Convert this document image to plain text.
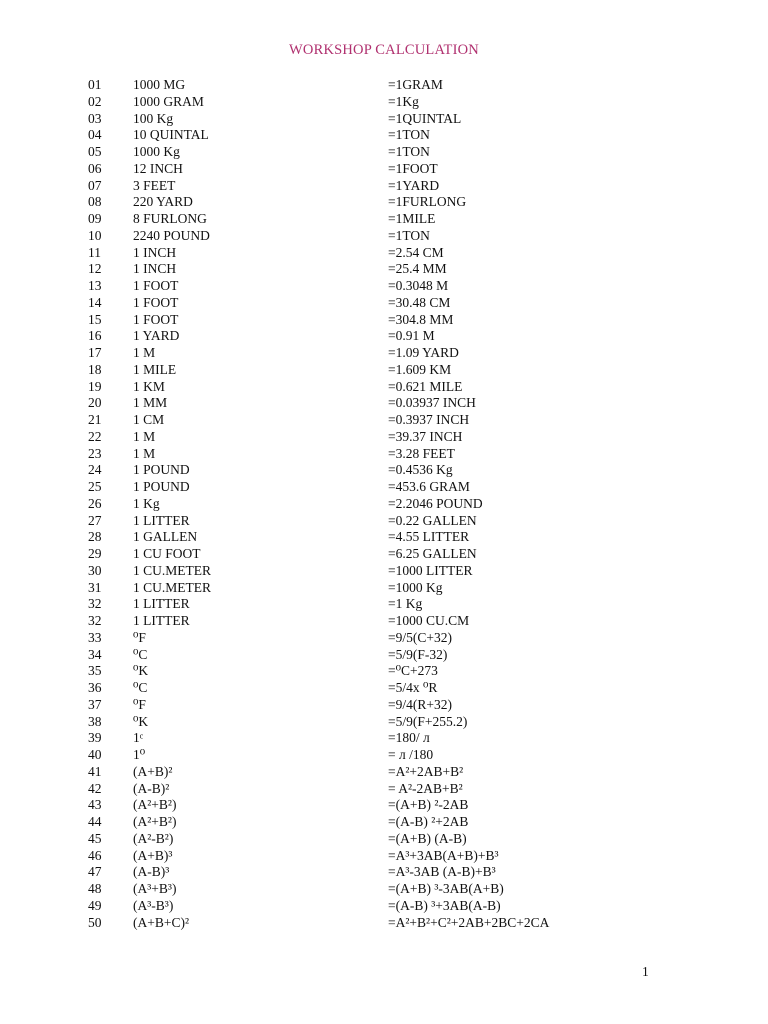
WORKSHOP CALCULATION
01 1000 MG	=1GRAM
02 1000 GRAM	=1Kg
03 100 Kg	=1QUINTAL
04 10 QUINTAL	=1TON
05 1000 Kg	=1TON
06 12 INCH	=1FOOT
07 3 FEET	=1YARD
08 220 YARD	=1FURLONG
09 8 FURLONG	=1MILE
10 2240 POUND	=1TON
11 1 INCH	=2.54 CM
12 1 INCH	=25.4 MM
13 1 FOOT	=0.3048 M
14 1 FOOT	=30.48 CM
15 1 FOOT	=304.8 MM
16 1 YARD	=0.91 M
17 1 M	=1.09 YARD
18 1 MILE	=1.609 KM
19 1 KM	=0.621 MILE
20 1 MM	=0.03937 INCH
21 1 CM	=0.3937 INCH
22 1 M	=39.37 INCH
23 1 M	=3.28 FEET
24 1 POUND	=0.4536 Kg
25 1 POUND	=453.6 GRAM
26 1 Kg	=2.2046 POUND
27 1 LITTER	=0.22 GALLEN
28 1 GALLEN	=4.55 LITTER
29 1 CU FOOT	=6.25 GALLEN
30 1 CU.METER	=1000 LITTER
31 1 CU.METER	=1000 Kg
32 1 LITTER	=1 Kg
32 1 LITTER	=1000 CU.CM
33 ⁰F	=9/5(C+32)
34 ⁰C	=5/9(F-32)
35 ⁰K	=⁰C+273
36 ⁰C	=5/4x ⁰R
37 ⁰F	=9/4(R+32)
38 ⁰K	=5/9(F+255.2)
39 1ᶜ	=180/ л
40 1⁰	= л /180
41 (A+B)²	=A²+2AB+B²
42 (A-B)²	= A²-2AB+B²
43 (A²+B²)	=(A+B) ²-2AB
44 (A²+B²)	=(A-B) ²+2AB
45 (A²-B²)	=(A+B) (A-B)
46 (A+B)³	=A³+3AB(A+B)+B³
47 (A-B)³	=A³-3AB (A-B)+B³
48 (A³+B³)	=(A+B) ³-3AB(A+B)
49 (A³-B³)	=(A-B) ³+3AB(A-B)
50 (A+B+C)²	=A²+B²+C²+2AB+2BC+2CA
1
